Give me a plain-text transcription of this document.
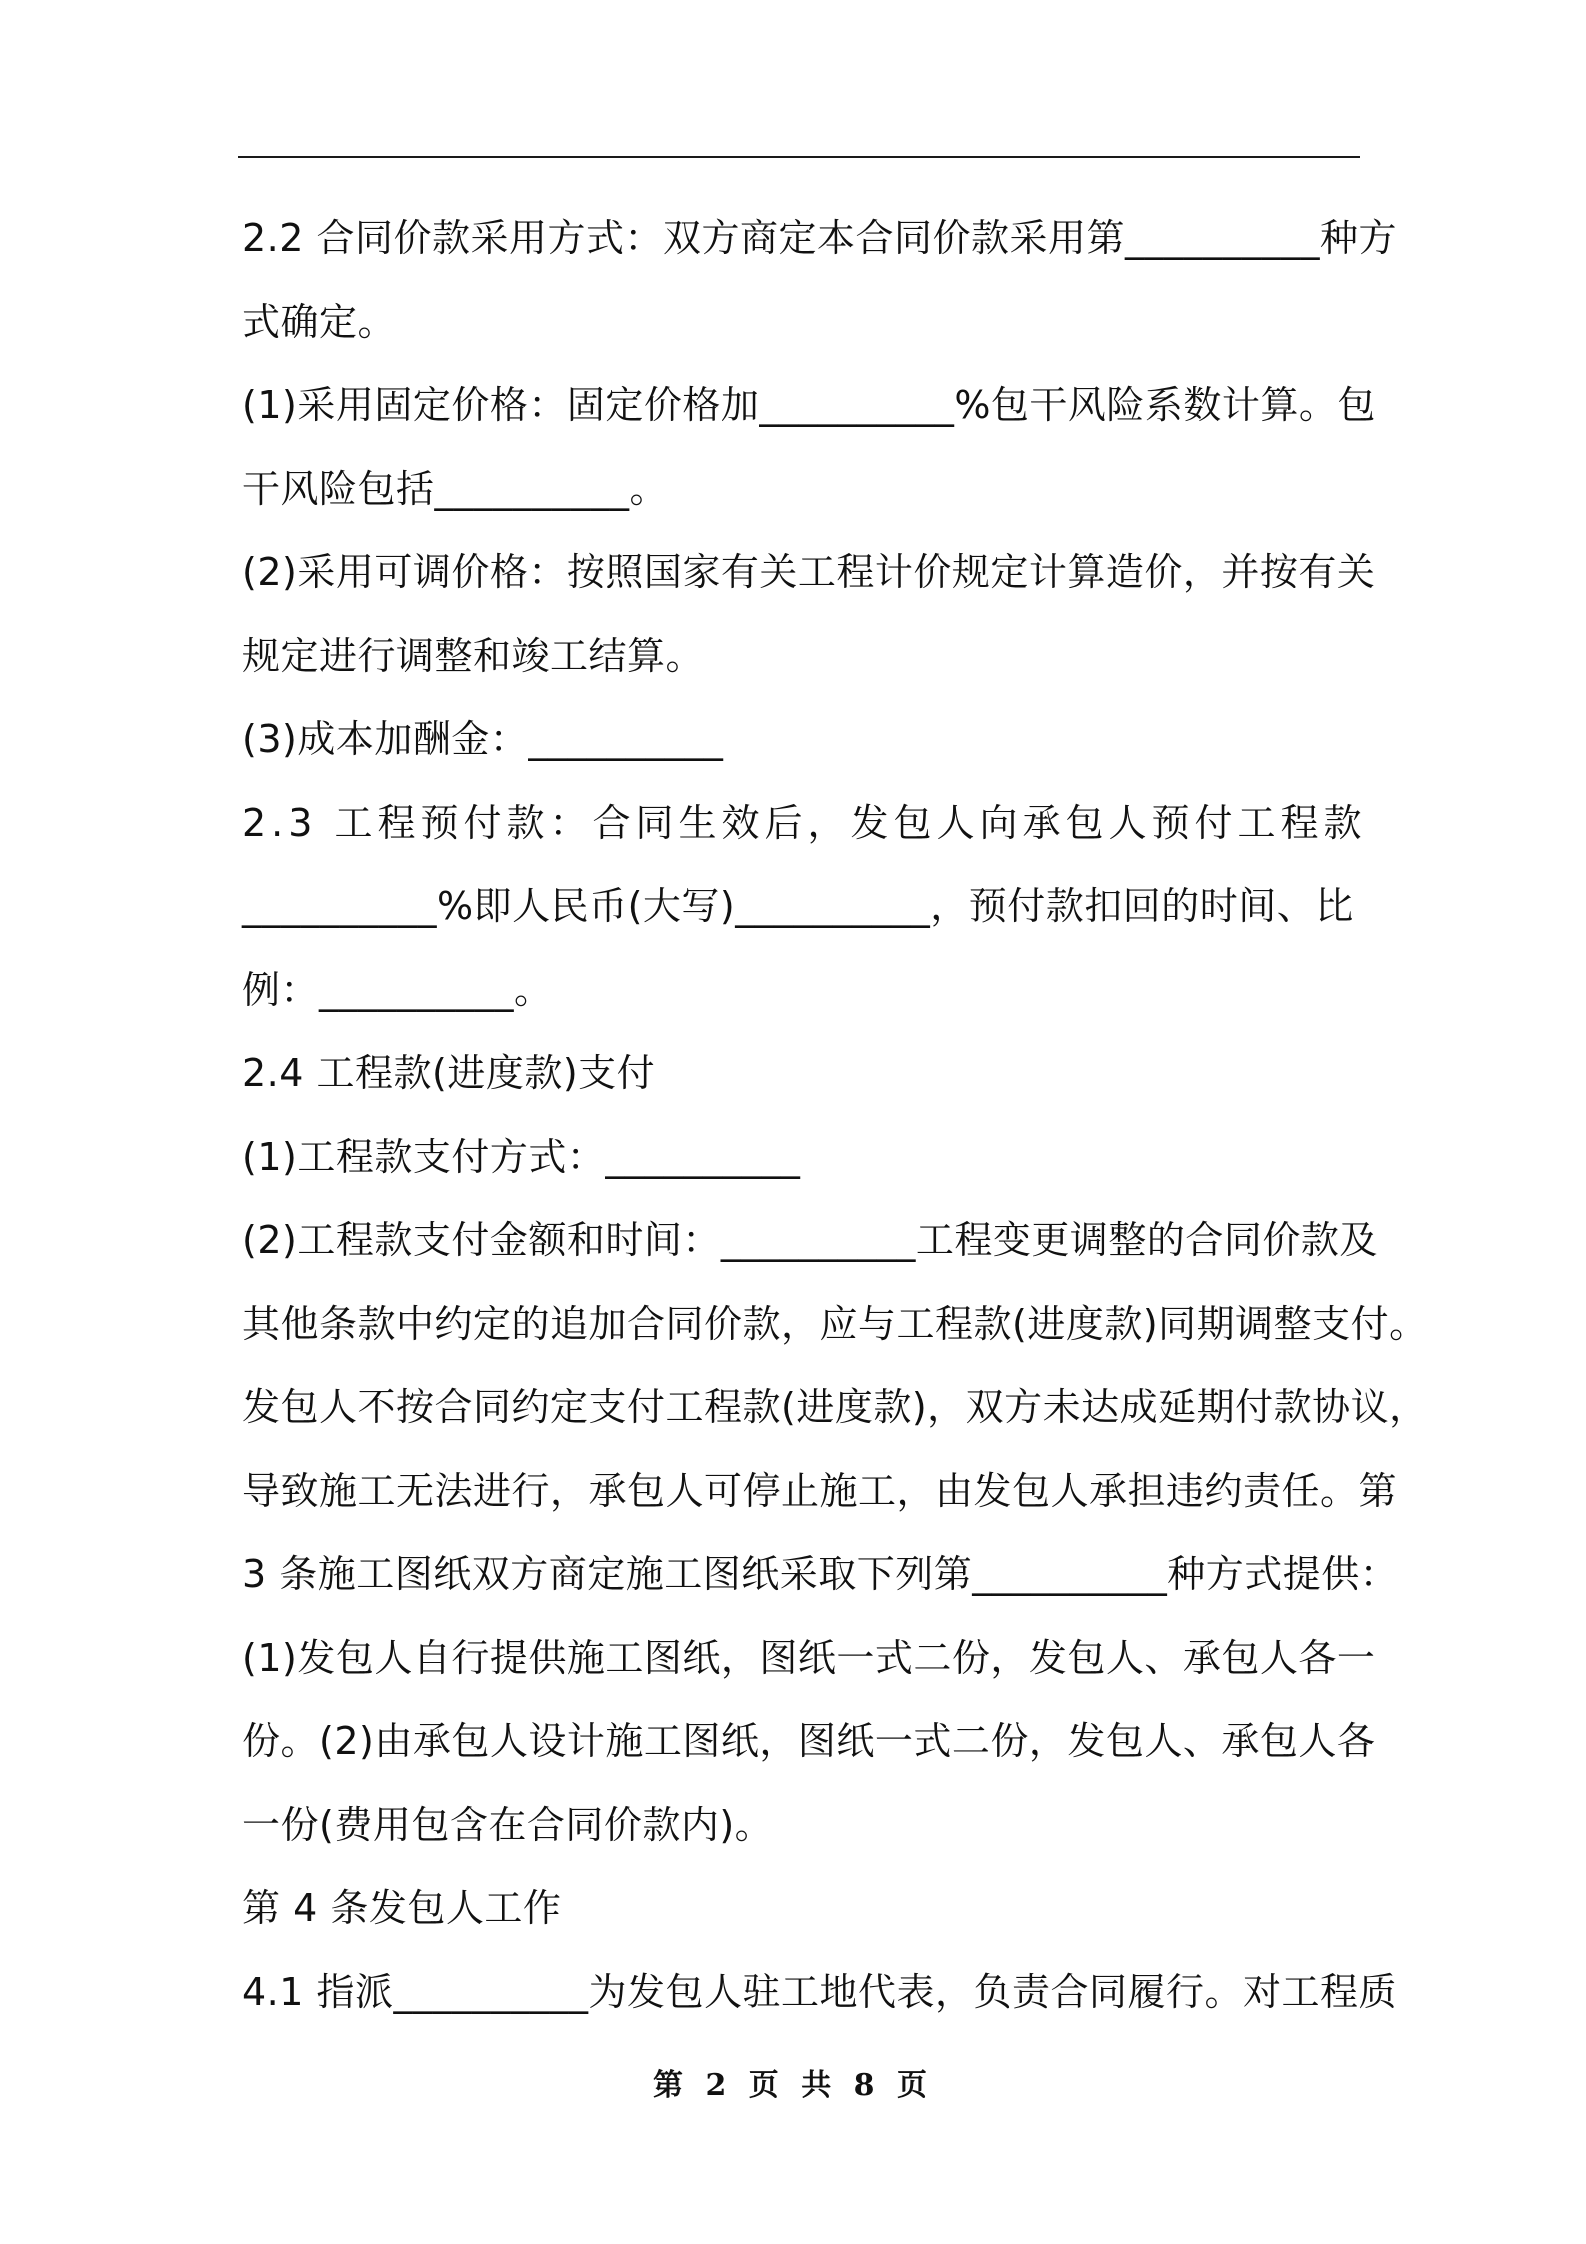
2.2 合同价款采用方式：双方商定本合同价款采用第__________种方
式确定。
(1)采用固定价格：固定价格加__________%包干风险系数计算。包
干风险包括__________。
(2)采用可调价格：按照国家有关工程计价规定计算造价，并按有关
规定进行调整和竣工结算。
(3)成本加酬金：__________
2.3 工程预付款：合同生效后，发包人向承包人预付工程款
__________%即人民币(大写)__________，预付款扣回的时间、比
例：__________。
2.4 工程款(进度款)支付
(1)工程款支付方式：__________
(2)工程款支付金额和时间：__________工程变更调整的合同价款及
其他条款中约定的追加合同价款，应与工程款(进度款)同期调整支付。
发包人不按合同约定支付工程款(进度款)，双方未达成延期付款协议，
导致施工无法进行，承包人可停止施工，由发包人承担违约责任。第
3 条施工图纸双方商定施工图纸采取下列第__________种方式提供：
(1)发包人自行提供施工图纸，图纸一式二份，发包人、承包人各一
份。(2)由承包人设计施工图纸，图纸一式二份，发包人、承包人各
一份(费用包含在合同价款内)。
第 4 条发包人工作
4.1 指派__________为发包人驻工地代表，负责合同履行。对工程质
第 2 页 共 8 页
